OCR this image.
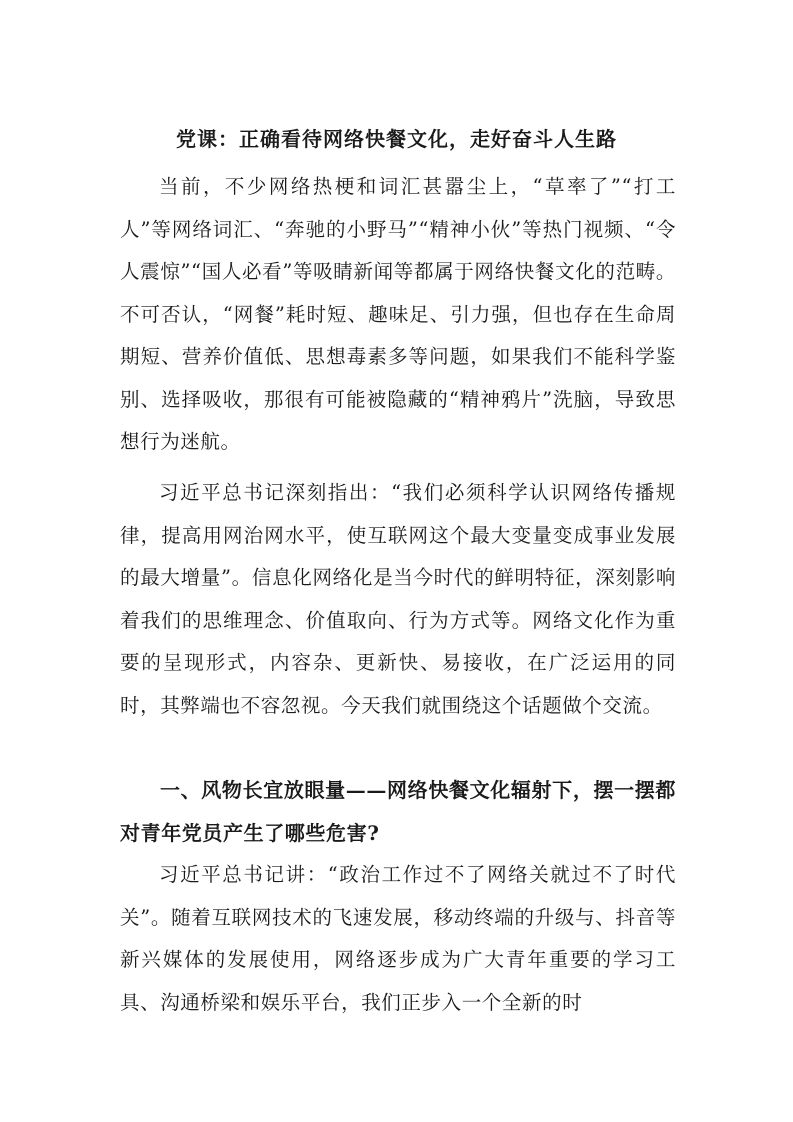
党课：正确看待网络快餐文化，走好奋斗人生路

当前，不少网络热梗和词汇甚嚣尘上，“草率了”“打工人”等网络词汇、“奔驰的小野马”“精神小伙”等热门视频、“令人震惊”“国人必看”等吸睛新闻等都属于网络快餐文化的范畴。不可否认，“网餐”耗时短、趣味足、引力强，但也存在生命周期短、营养价值低、思想毒素多等问题，如果我们不能科学鉴别、选择吸收，那很有可能被隐藏的“精神鸦片”洗脑，导致思想行为迷航。

习近平总书记深刻指出：“我们必须科学认识网络传播规律，提高用网治网水平，使互联网这个最大变量变成事业发展的最大增量”。信息化网络化是当今时代的鲜明特征，深刻影响着我们的思维理念、价值取向、行为方式等。网络文化作为重要的呈现形式，内容杂、更新快、易接收，在广泛运用的同时，其弊端也不容忽视。今天我们就围绕这个话题做个交流。

一、风物长宜放眼量——网络快餐文化辐射下，摆一摆都对青年党员产生了哪些危害?

习近平总书记讲：“政治工作过不了网络关就过不了时代关”。随着互联网技术的飞速发展，移动终端的升级与、抖音等新兴媒体的发展使用，网络逐步成为广大青年重要的学习工具、沟通桥梁和娱乐平台，我们正步入一个全新的时
